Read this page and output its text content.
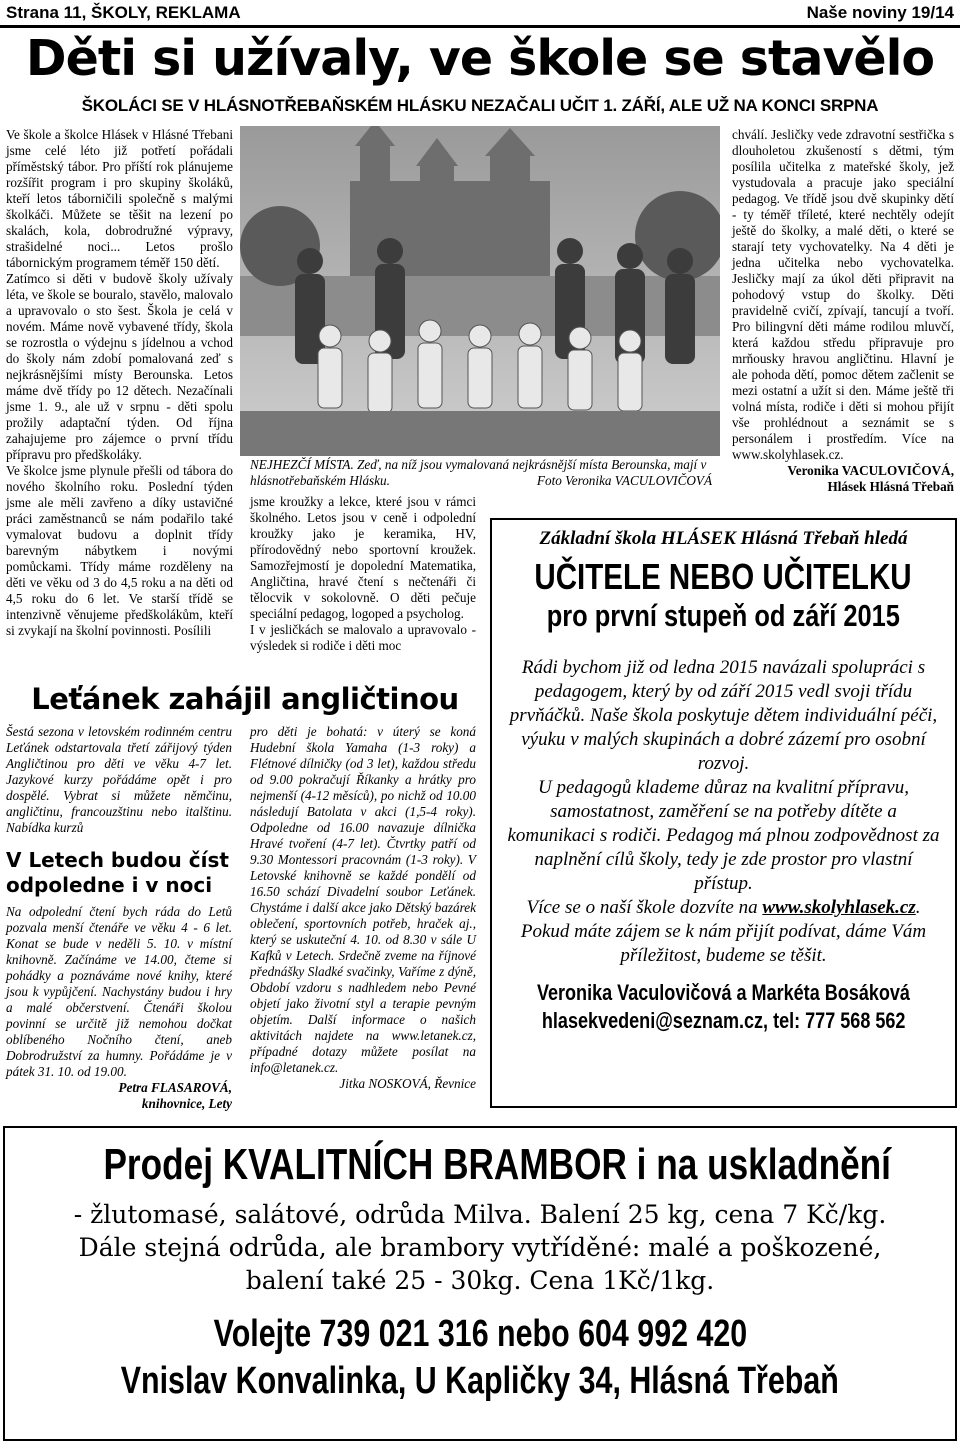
Strana 11, ŠKOLY, REKLAMA	Naše noviny 19/14
Děti si užívaly, ve škole se stavělo
ŠKOLÁCI SE V HLÁSNOTŘEBAŇSKÉM HLÁSKU NEZAČALI UČIT 1. ZÁŘÍ, ALE UŽ NA KONCI SRPNA

Ve škole a školce Hlásek v Hlásné Třebani jsme celé léto již potřetí pořádali příměstský tábor. Pro příští rok plánujeme rozšířit program i pro skupiny školáků, kteří letos táborničili společně s malými školkáči. Můžete se těšit na lezení po skalách, kola, dobrodružné výpravy, strašidelné noci... Letos prošlo tábornickým programem téměř 150 dětí.

Zatímco si děti v budově školy užívaly léta, ve škole se bouralo, stavělo, malovalo a upravovalo o sto šest. Škola je celá v novém. Máme nově vybavené třídy, škola se rozrostla o výdejnu s jídelnou a vchod do školy nám zdobí pomalovaná zeď s nejkrásnějšími místy Berounska. Letos máme dvě třídy po 12 dětech. Nezačínali jsme 1. 9., ale už v srpnu - děti spolu prožily adaptační týden. Od října zahajujeme pro zájemce o první třídu přípravu pro předškoláky.

Ve školce jsme plynule přešli od tábora do nového školního roku. Poslední týden jsme ale měli zavřeno a díky ustavičné práci zaměstnanců se nám podařilo také vymalovat budovu a doplnit třídy barevným nábytkem i novými pomůckami. Třídy máme rozděleny na děti ve věku od 3 do 4,5 roku a na děti od 4,5 roku do 6 let. Ve starší třídě se intenzivně věnujeme předškolákům, kteří si zvykají na školní povinnosti. Posílili

NEJHEZČÍ MÍSTA. Zeď, na níž jsou vymalovaná nejkrásnější místa Berounska, mají v hlásnotřebaňském Hlásku.	Foto Veronika VACULOVIČOVÁ

jsme kroužky a lekce, které jsou v rámci školného. Letos jsou v ceně i odpolední kroužky jako je keramika, HV, přírodovědný nebo sportovní kroužek. Samozřejmostí je dopolední Matematika, Angličtina, hravé čtení s nečtenáři či tělocvik v sokolovně. O děti pečuje speciální pedagog, logoped a psycholog.

I v jesličkách se malovalo a upravovalo - výsledek si rodiče i děti moc

chválí. Jesličky vede zdravotní sestřička s dlouholetou zkušeností s dětmi, tým posílila učitelka z mateřské školy, jež vystudovala a pracuje jako speciální pedagog. Ve třídě jsou dvě skupinky dětí - ty téměř tříleté, které nechtěly odejít ještě do školky, a malé děti, o které se starají tety vychovatelky. Na 4 děti je jedna učitelka nebo vychovatelka. Jesličky mají za úkol děti připravit na pohodový vstup do školky. Děti pravidelně cvičí, zpívají, tancují a tvoří. Pro bilingvní děti máme rodilou mluvčí, která každou středu připravuje pro mrňousky hravou angličtinu. Hlavní je ale pohoda dětí, pomoc dětem začlenit se mezi ostatní a užít si den. Máme ještě tři volná místa, rodiče i děti si mohou přijít vše prohlédnout a seznámit se s personálem i prostředím. Více na www.skolyhlasek.cz.

Veronika VACULOVIČOVÁ,

Hlásek Hlásná Třebaň

Leťánek zahájil angličtinou
Šestá sezona v letovském rodinném centru Leťánek odstartovala třetí zářijový týden Angličtinou pro děti ve věku 4-7 let. Jazykové kurzy pořádáme opět i pro dospělé. Vybrat si můžete němčinu, angličtinu, francouzštinu nebo italštinu. Nabídka kurzů
pro děti je bohatá: v úterý se koná Hudební škola Yamaha (1-3 roky) a Flétnové dílničky (od 3 let), každou středu od 9.00 pokračují Říkanky a hrátky pro nejmenší (4-12 měsíců), po nichž od 10.00 následují Batolata v akci (1,5-4 roky). Odpoledne od 16.00 navazuje dílnička Hravé tvoření (4-7 let). Čtvrtky patří od 9.30 Montessori pracovnám (1-3 roky). V Letovské knihovně se každé pondělí od 16.50 schází Divadelní soubor Leťánek. Chystáme i další akce jako Dětský bazárek oblečení, sportovních potřeb, hraček aj., který se uskuteční 4. 10. od 8.30 v sále U Kafků v Letech. Srdečně zveme na říjnové přednášky Sladké svačinky, Vaříme z dýně, Období vzdoru s nadhledem nebo Pevné objetí jako životní styl a terapie pevným objetím. Další informace o našich aktivitách najdete na www.letanek.cz, případné dotazy můžete posílat na info@letanek.cz.
Jitka NOSKOVÁ, Řevnice
V Letech budou číst
odpoledne i v noci
Na odpolední čtení bych ráda do Letů pozvala menší čtenáře ve věku 4 - 6 let. Konat se bude v neděli 5. 10. v místní knihovně. Začínáme ve 14.00, čteme si pohádky a poznáváme nové knihy, které jsou k vypůjčení. Nachystány budou i hry a malé občerstvení. Čtenáři školou povinní se určitě již nemohou dočkat oblíbeného Nočního čtení, aneb Dobrodružství za humny. Pořádáme je v pátek 31. 10. od 19.00.
Petra FLASAROVÁ,
knihovnice, Lety
Základní škola HLÁSEK Hlásná Třebaň hledá
UČITELE NEBO UČITELKU
pro první stupeň od září 2015
Rádi bychom již od ledna 2015 navázali spolupráci s pedagogem, který by od září 2015 vedl svoji třídu prvňáčků. Naše škola poskytuje dětem individuální péči, výuku v malých skupinách a dobré zázemí pro osobní rozvoj.
U pedagogů klademe důraz na kvalitní přípravu, samostatnost, zaměření se na potřeby dítěte a komunikaci s rodiči. Pedagog má plnou zodpovědnost za naplnění cílů školy, tedy je zde prostor pro vlastní přístup.
Více se o naší škole dozvíte na www.skolyhlasek.cz. Pokud máte zájem se k nám přijít podívat, dáme Vám příležitost, budeme se těšit.
Veronika Vaculovičová a Markéta Bosáková
hlasekvedeni@seznam.cz, tel: 777 568 562
Prodej KVALITNÍCH BRAMBOR i na uskladnění
- žlutomasé, salátové, odrůda Milva. Balení 25 kg, cena 7 Kč/kg.
Dále stejná odrůda, ale brambory vytříděné: malé a poškozené,
balení také 25 - 30kg. Cena 1Kč/1kg.
Volejte 739 021 316 nebo 604 992 420
Vnislav Konvalinka, U Kapličky 34, Hlásná Třebaň
